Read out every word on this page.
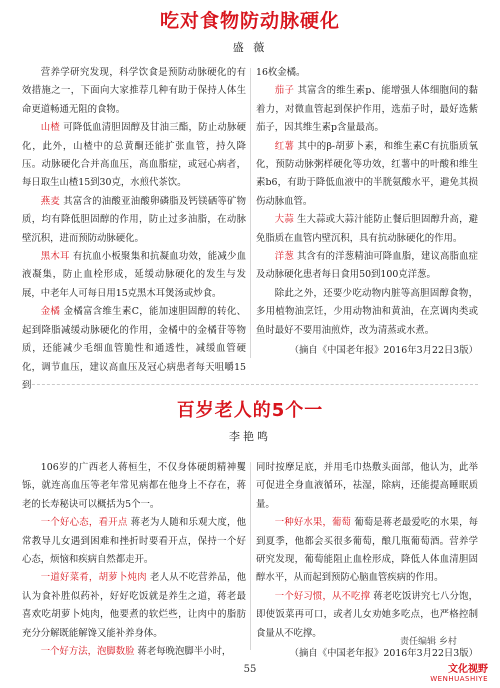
吃对食物防动脉硬化

盛 薇

营养学研究发现，科学饮食是预防动脉硬化的有效措施之一，下面向大家推荐几种有助于保持人体生命更道畅通无阻的食物。

山楂 可降低血清胆固醇及甘油三酯，防止动脉硬化，此外，山楂中的总黄酮还能扩张血管，持久降压。动脉硬化合并高血压，高血脂症，或冠心病者，每日取生山楂15到30克，水煎代茶饮。

燕麦 其富含的油酸亚油酸卵磷脂及钙镁硒等矿物质，均有降低胆固醇的作用，防止过多油脂，在动脉壁沉积，进而预防动脉硬化。

黑木耳 有抗血小板聚集和抗凝血功效，能减少血液凝集，防止血栓形成，延缓动脉硬化的发生与发展，中老年人可每日用15克黑木耳煲汤或炒食。

金橘 金橘富含维生素C，能加速胆固醇的转化、起到降脂减缓动脉硬化的作用，金橘中的金橘苷等物质，还能减少毛细血管脆性和通透性，减缓血管硬化，调节血压，建议高血压及冠心病患者每天咀嚼15到

16枚金橘。

茄子 其富含的维生素p、能增强人体细胞间的黏着力，对微血管起到保护作用，选茄子时，最好选紫茄子，因其维生素p含量最高。

红薯 其中的β-胡萝卜素，和维生素C有抗脂质氧化，预防动脉粥样硬化等功效，红薯中的叶酸和维生素b6，有助于降低血液中的半胱氨酸水平，避免其损伤动脉血管。

大蒜 生大蒜或大蒜汁能防止餐后胆固醇升高，避免脂质在血管内壁沉积，具有抗动脉硬化的作用。

洋葱 其含有的洋葱精油可降血脂，建议高脂血症及动脉硬化患者每日食用50到100克洋葱。

除此之外，还要少吃动物内脏等高胆固醇食物，多用植物油烹饪，少用动物油和黄油，在烹调肉类或鱼时最好不要用油煎炸，改为清蒸或水煮。

（摘自《中国老年报》2016年3月22日3版）

百岁老人的5个一

李艳鸣

106岁的广西老人蒋桓生，不仅身体硬朗精神矍铄，就连高血压等老年常见病都在他身上不存在，蒋老的长寿秘诀可以概括为5个一。

一个好心态，看开点 蒋老为人随和乐观大度，他常教导儿女遇到困难和挫折时要看开点，保持一个好心态，烦恼和疾病自然都走开。

一道好菜肴，胡萝卜炖肉 老人从不吃营养品，他认为食补胜似药补，好好吃饭就是养生之道，蒋老最喜欢吃胡萝卜炖肉，他要煮的软烂些，让肉中的脂肪充分分解既能解馋又能补养身体。

一个好方法，泡脚数脸 蒋老每晚泡脚半小时，

同时按摩足底，并用毛巾热敷头面部，他认为，此举可促进全身血液循环，祛湿，除病，还能提高睡眠质量。

一种好水果，葡萄 葡萄是蒋老最爱吃的水果，每到夏季，他都会买很多葡萄，酿几瓶葡萄酒。营养学研究发现，葡萄能阻止血栓形成，降低人体血清胆固醇水平，从而起到预防心脑血管疾病的作用。

一个好习惯，从不吃撑 蒋老吃饭讲究七八分饱，即使饭菜再可口，或者儿女劝她多吃点，也严格控制食量从不吃撑。

（摘自《中国老年报》2016年3月22日3版）

责任编辑 乡村
55	文化视野
WENHUASHIYE
